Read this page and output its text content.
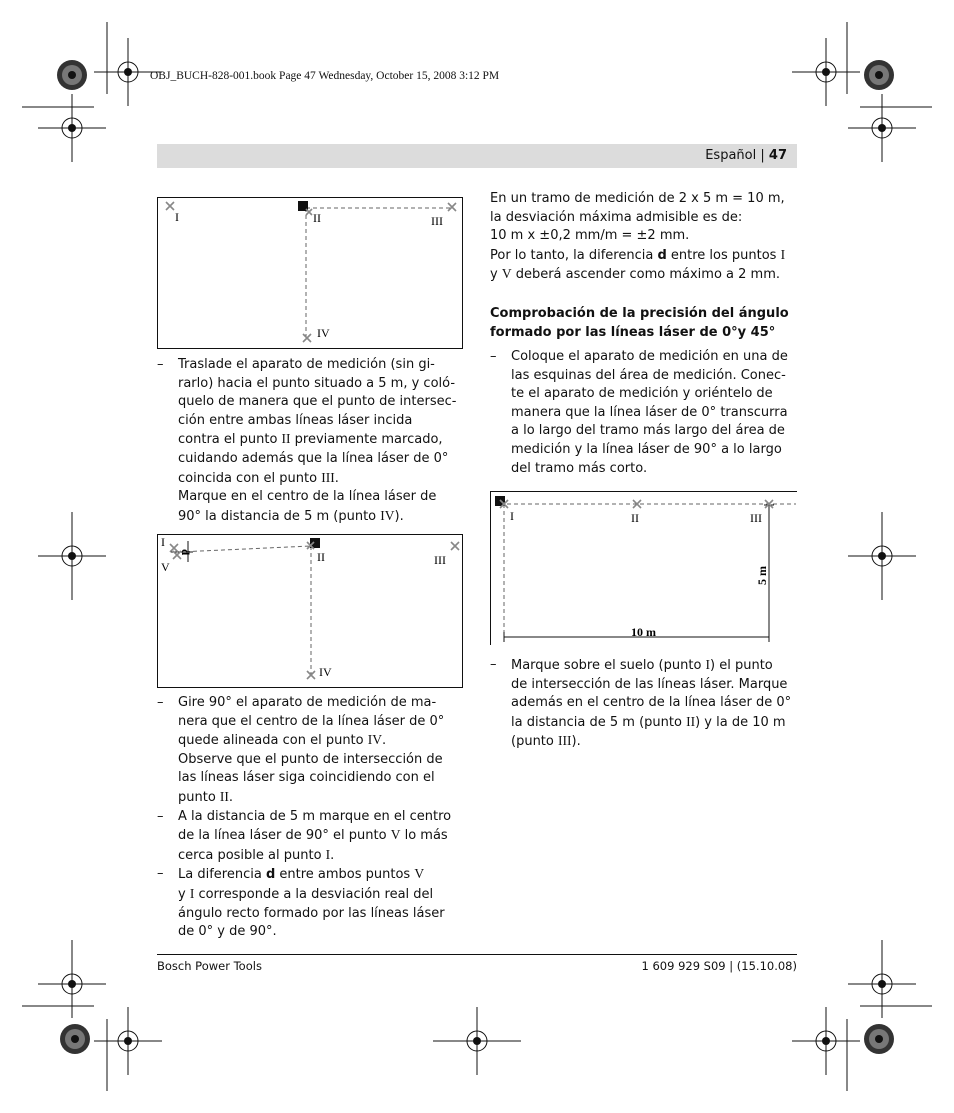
OBJ_BUCH-828-001.book Page 47 Wednesday, October 15, 2008 3:12 PM
Español | 47
I	II	III
IV
– Traslade el aparato de medición (sin gi-

rarlo) hacia el punto situado a 5 m, y coló-

quelo de manera que el punto de intersec-

ción entre ambas líneas láser incida

contra el punto II previamente marcado,

cuidando además que la línea láser de 0°

coincida con el punto III.

Marque en el centro de la línea láser de

90° la distancia de 5 m (punto IV).

I
V
d	II	III
IV
– Gire 90° el aparato de medición de ma-

nera que el centro de la línea láser de 0°

quede alineada con el punto IV.

Observe que el punto de intersección de

las líneas láser siga coincidiendo con el

punto II.

– A la distancia de 5 m marque en el centro

de la línea láser de 90° el punto V lo más

cerca posible al punto I.

– La diferencia d entre ambos puntos V

y I corresponde a la desviación real del

ángulo recto formado por las líneas láser

de 0° y de 90°.

En un tramo de medición de 2 x 5 m = 10 m,

la desviación máxima admisible es de:

10 m x ±0,2 mm/m = ±2 mm.

Por lo tanto, la diferencia d entre los puntos I

y V deberá ascender como máximo a 2 mm.

Comprobación de la precisión del ángulo
formado por las líneas láser de 0°y 45°
– Coloque el aparato de medición en una de

las esquinas del área de medición. Conec-

te el aparato de medición y oriéntelo de

manera que la línea láser de 0° transcurra

a lo largo del tramo más largo del área de

medición y la línea láser de 90° a lo largo

del tramo más corto.

I	II	III
10 m
5 m
– Marque sobre el suelo (punto I) el punto

de intersección de las líneas láser. Marque

además en el centro de la línea láser de 0°

la distancia de 5 m (punto II) y la de 10 m

(punto III).

Bosch Power Tools	1 609 929 S09 | (15.10.08)
